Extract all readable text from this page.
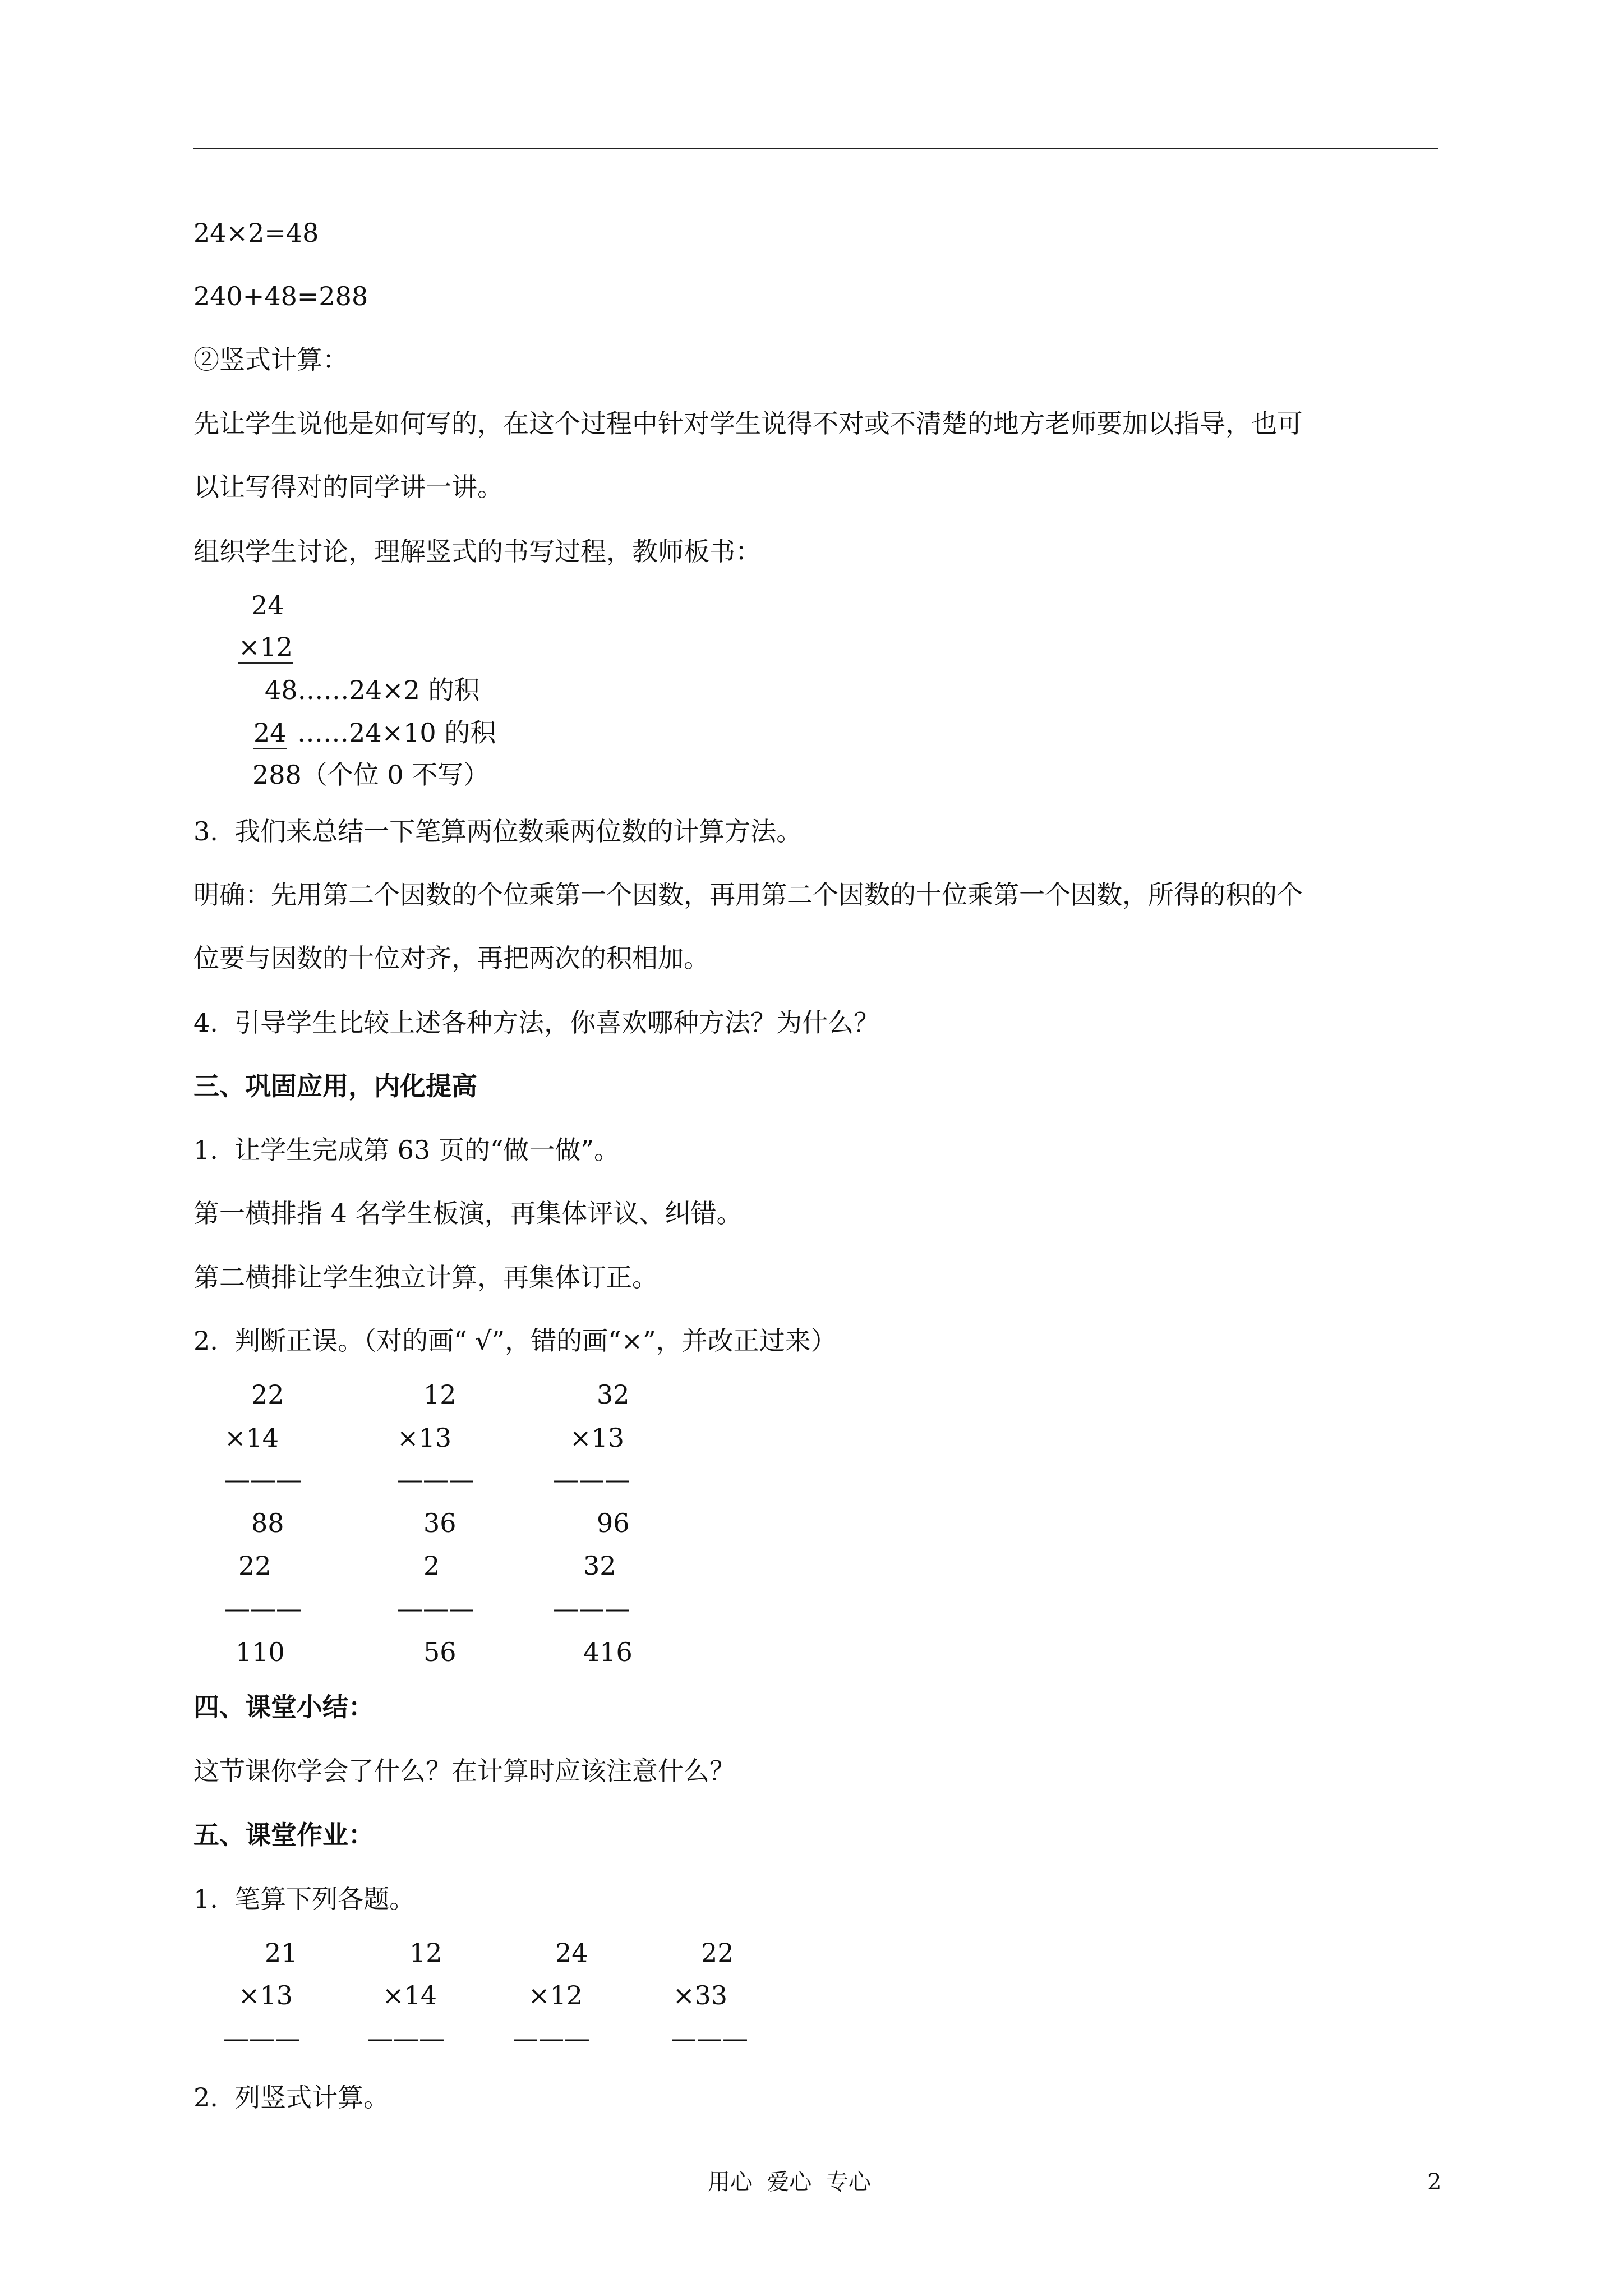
24×2=48
240+48=288
②竖式计算：
先让学生说他是如何写的，在这个过程中针对学生说得不对或不清楚的地方老师要加以指导，也可
以让写得对的同学讲一讲。
组织学生讨论，理解竖式的书写过程，教师板书：
24
×12
48……24×2 的积
24 ……24×10 的积
288（个位 0 不写）
3.  我们来总结一下笔算两位数乘两位数的计算方法。
明确：先用第二个因数的个位乘第一个因数，再用第二个因数的十位乘第一个因数，所得的积的个
位要与因数的十位对齐，再把两次的积相加。
4.  引导学生比较上述各种方法，你喜欢哪种方法？为什么？
三、巩固应用，内化提高
1.  让学生完成第 63 页的“做一做”。
第一横排指 4 名学生板演，再集体评议、纠错。
第二横排让学生独立计算，再集体订正。
2.  判断正误。（对的画“ √”，错的画“×”，并改正过来）
22	12	32
×14	×13	×13
———	———	———
88	36	96
22	2	32
———	———	———
110	56	416
四、课堂小结：
这节课你学会了什么？在计算时应该注意什么？
五、课堂作业：
1.  笔算下列各题。
21	12	24	22
×13	×14	×12	×33
———	———	———	———
2.  列竖式计算。
用心  爱心  专心	2
